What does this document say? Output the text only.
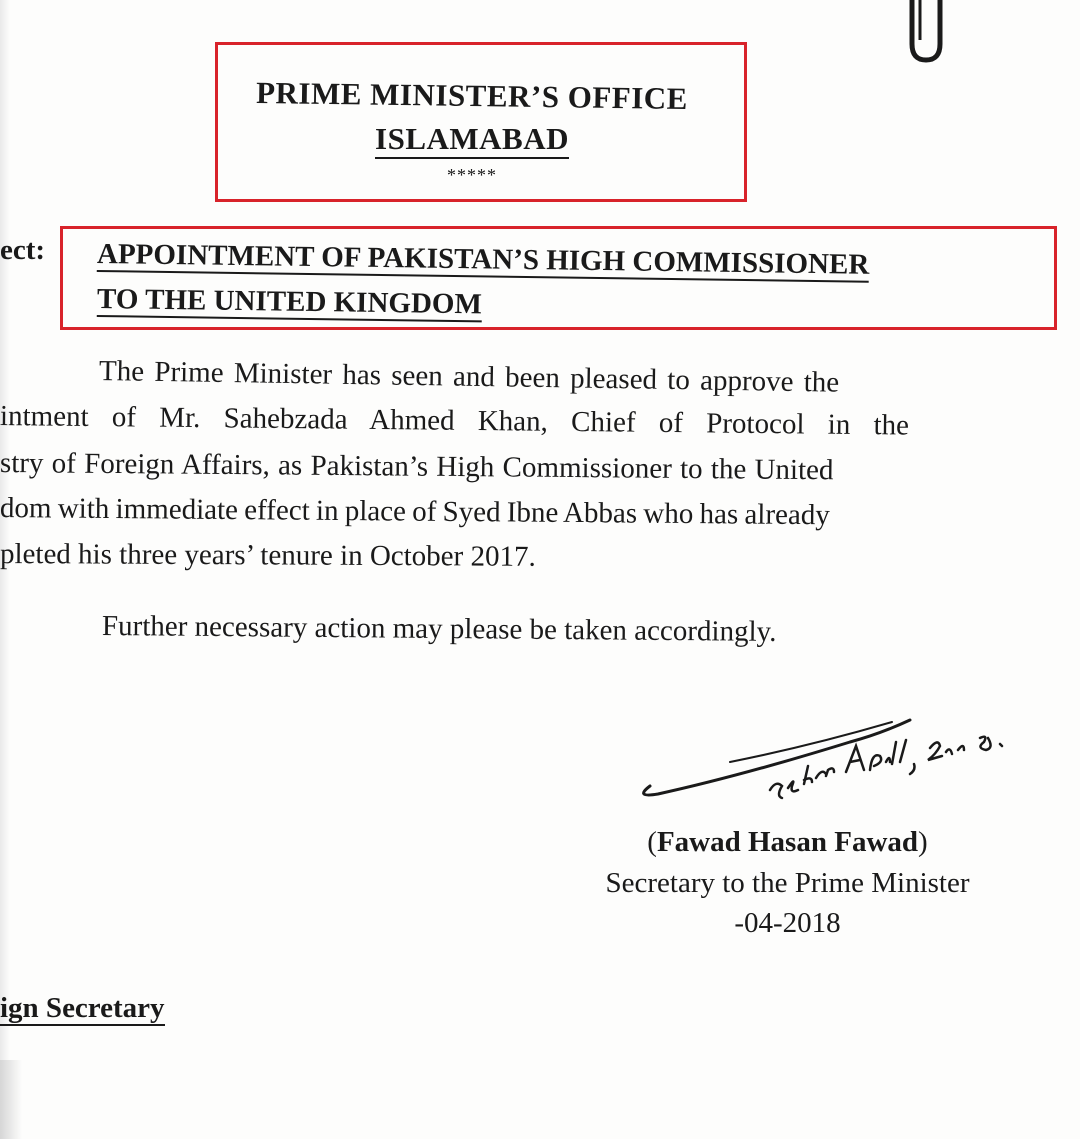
PRIME MINISTER’S OFFICE
ISLAMABAD
*****
ect: APPOINTMENT OF PAKISTAN’S HIGH COMMISSIONER
TO THE UNITED KINGDOM
The Prime Minister has seen and been pleased to approve the
intment of Mr. Sahebzada Ahmed Khan, Chief of Protocol in the
stry of Foreign Affairs, as Pakistan’s High Commissioner to the United
dom with immediate effect in place of Syed Ibne Abbas who has already
pleted his three years’ tenure in October 2017.
Further necessary action may please be taken accordingly.
(Fawad Hasan Fawad)
Secretary to the Prime Minister
-04-2018
ign Secretary
